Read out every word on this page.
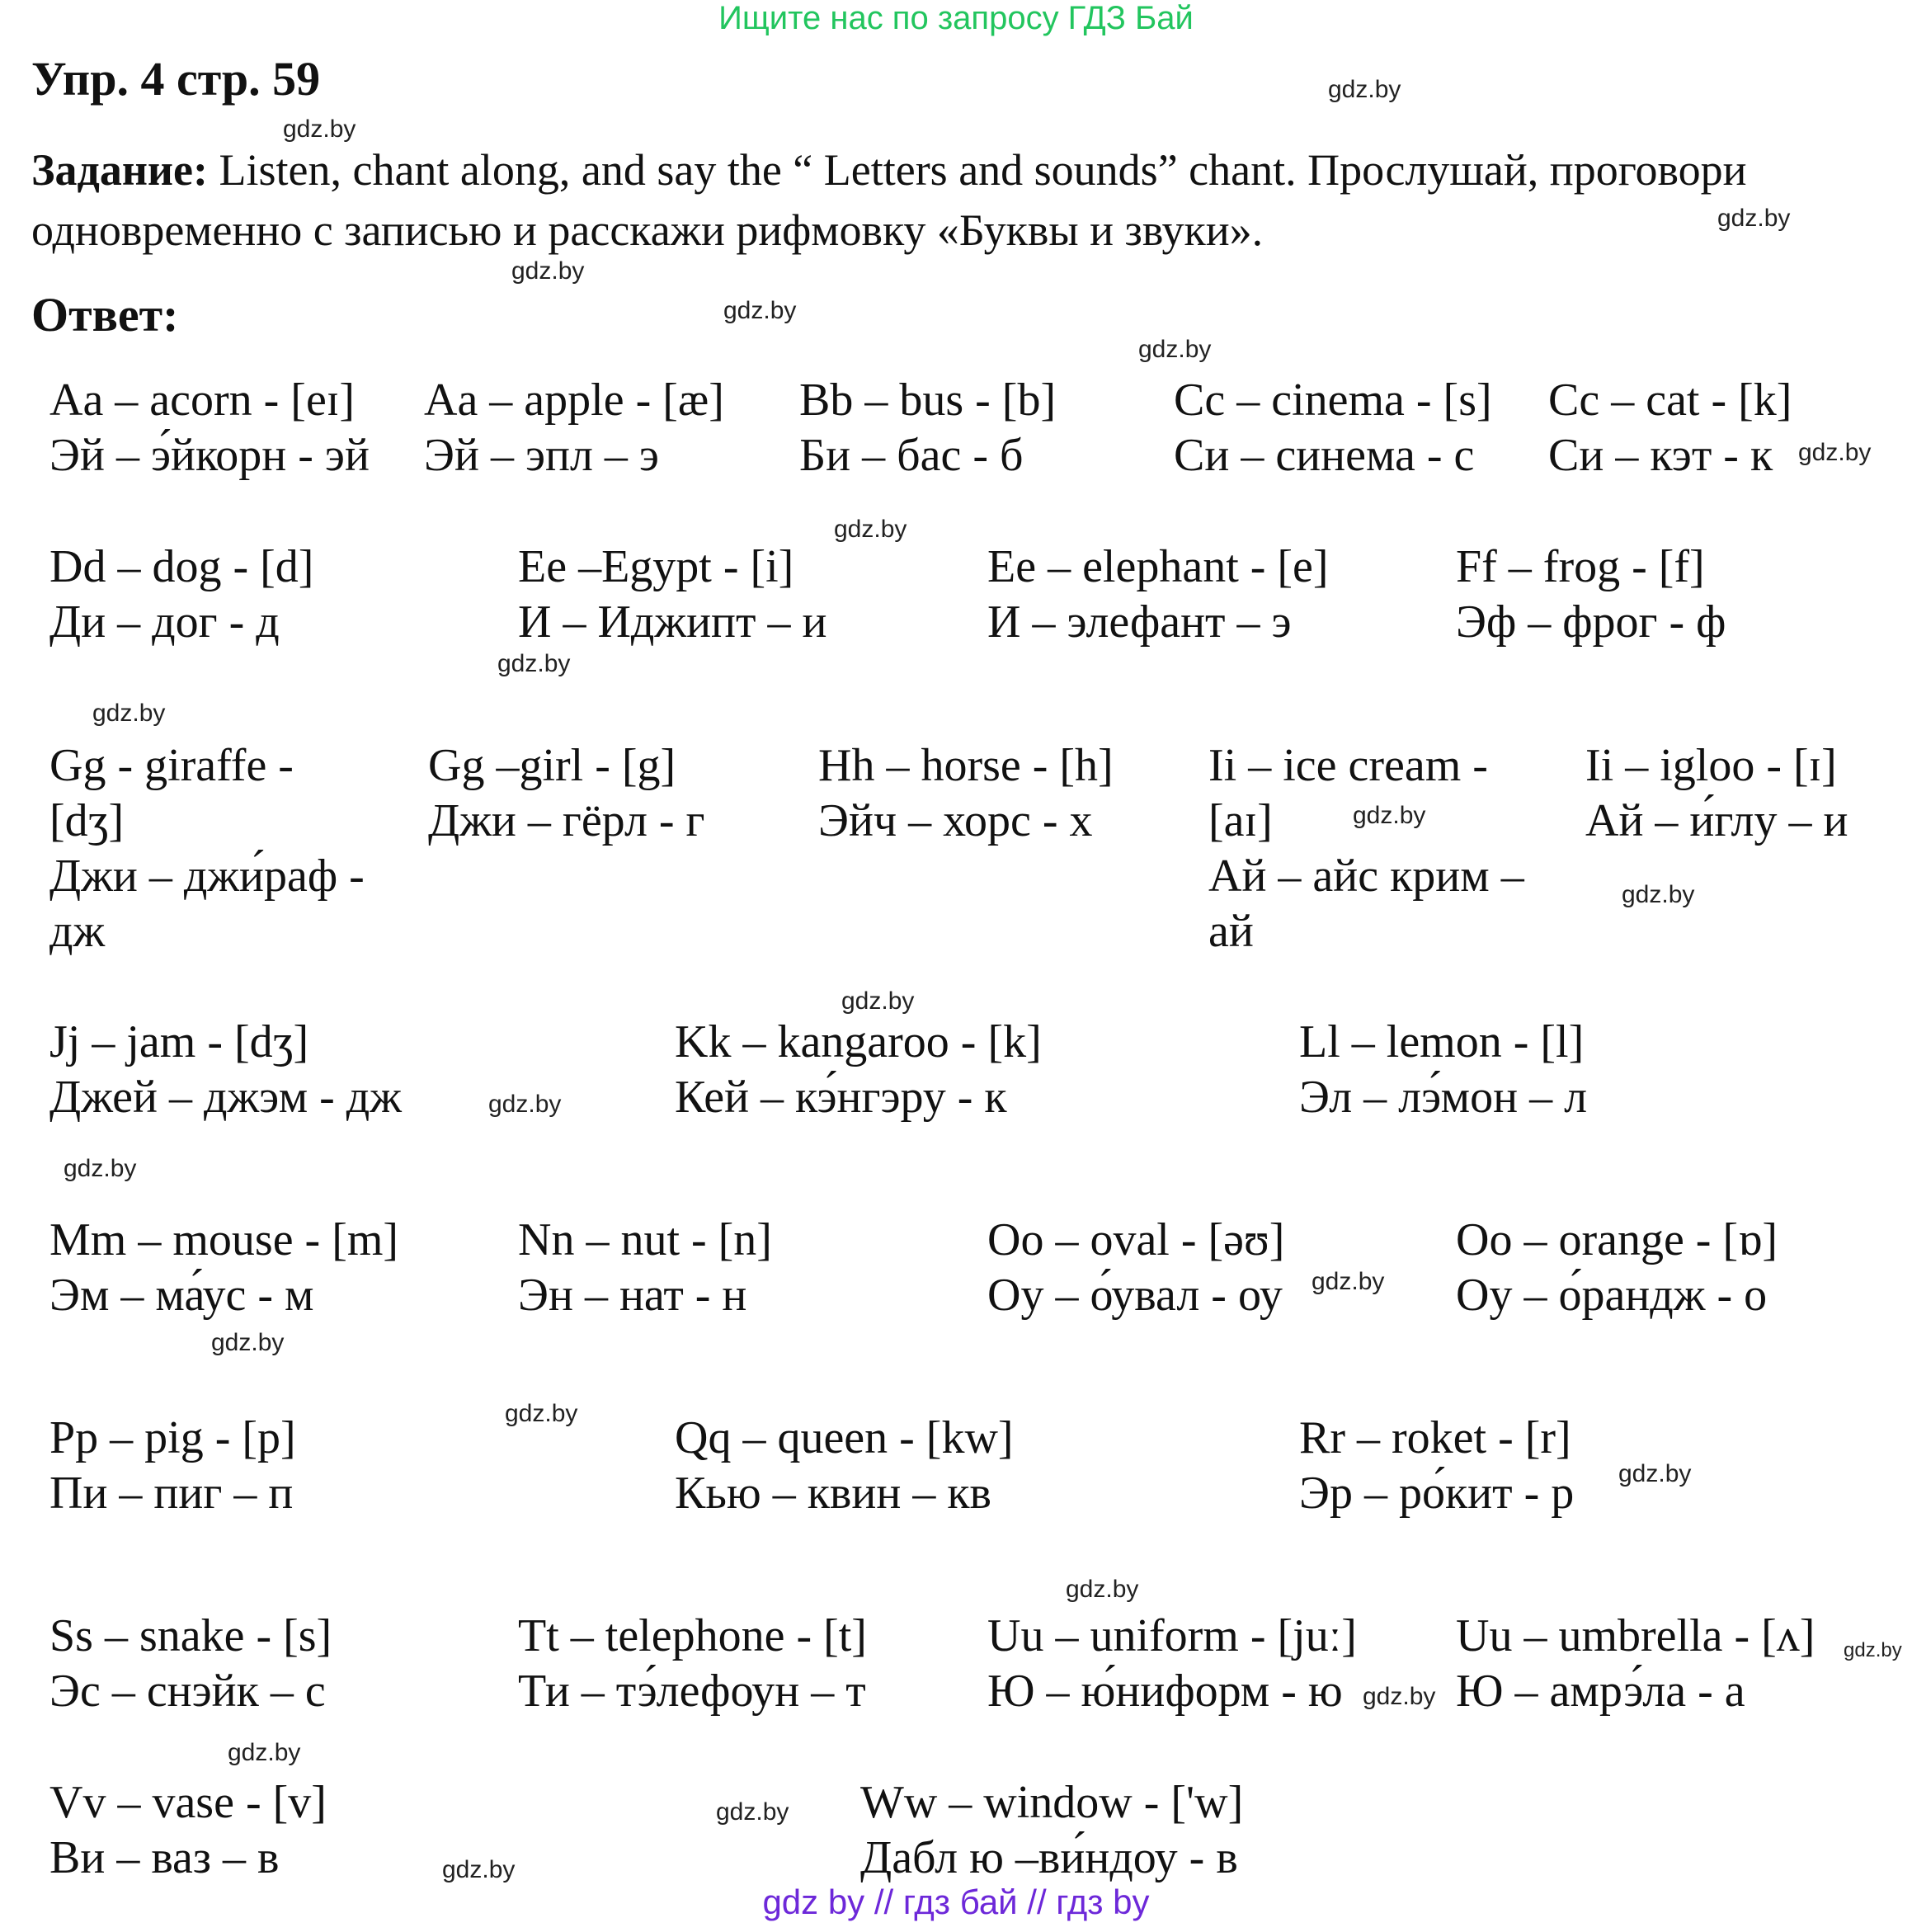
Ищите нас по запросу ГДЗ Бай
Упр. 4 стр. 59
Задание: Listen, chant along, and say the “ Letters and sounds” chant. Прослушай, проговори одновременно с записью и расскажи рифмовку «Буквы и звуки».
Ответ:
gdz.by
gdz.by
gdz.by
gdz.by
gdz.by
gdz.by
gdz.by
gdz.by
gdz.by
gdz.by
gdz.by
gdz.by
gdz.by
gdz.by
gdz.by
gdz.by
gdz.by
gdz.by
gdz.by
gdz.by
gdz.by
gdz.by
gdz.by
gdz.by
gdz.by
Aa – acorn - [eɪ]
Эй – э́йкорн - эй
Aa – apple - [æ]
Эй – эпл – э
Bb – bus - [b]
Би – бас - б
Cc – cinema - [s]
Си – синема - с
Cc – cat - [k]
Си – кэт - к
Dd – dog - [d]
Ди – дог - д
Ee –Egypt - [i]
И – Иджипт – и
Ee – elephant - [e]
И – элефант – э
Ff – frog - [f]
Эф – фрог - ф
Gg - giraffe -
[dʒ]
Джи – джи́раф -
дж
Gg –girl - [g]
Джи – гёрл - г
Hh – horse - [h]
Эйч – хорс - х
Ii – ice cream -
[aɪ]
Ай – айс крим –
ай
Ii – igloo - [ɪ]
Ай – и́глу – и
Jj – jam - [dʒ]
Джей – джэм - дж
Kk – kangaroo - [k]
Кей – кэ́нгэру - к
Ll – lemon - [l]
Эл – лэ́мон – л
Mm – mouse - [m]
Эм – ма́ус - м
Nn – nut - [n]
Эн – нат - н
Oo – oval - [əʊ]
Оу – о́увал - оу
Oo – orange - [ɒ]
Оу – о́рандж - о
Pp – pig - [p]
Пи – пиг – п
Qq – queen - [kw]
Кью – квин – кв
Rr – roket - [r]
Эр – ро́кит - р
Ss – snake - [s]
Эс – снэйк – с
Tt – telephone - [t]
Ти – тэ́лефоун – т
Uu – uniform - [juː]
Ю – ю́ниформ - ю
Uu – umbrella - [ʌ]
Ю – амрэ́ла - а
Vv – vase - [v]
Ви – ваз – в
Ww – window - ['w]
Дабл ю –ви́ндоу - в
gdz by // гдз бай // гдз by
